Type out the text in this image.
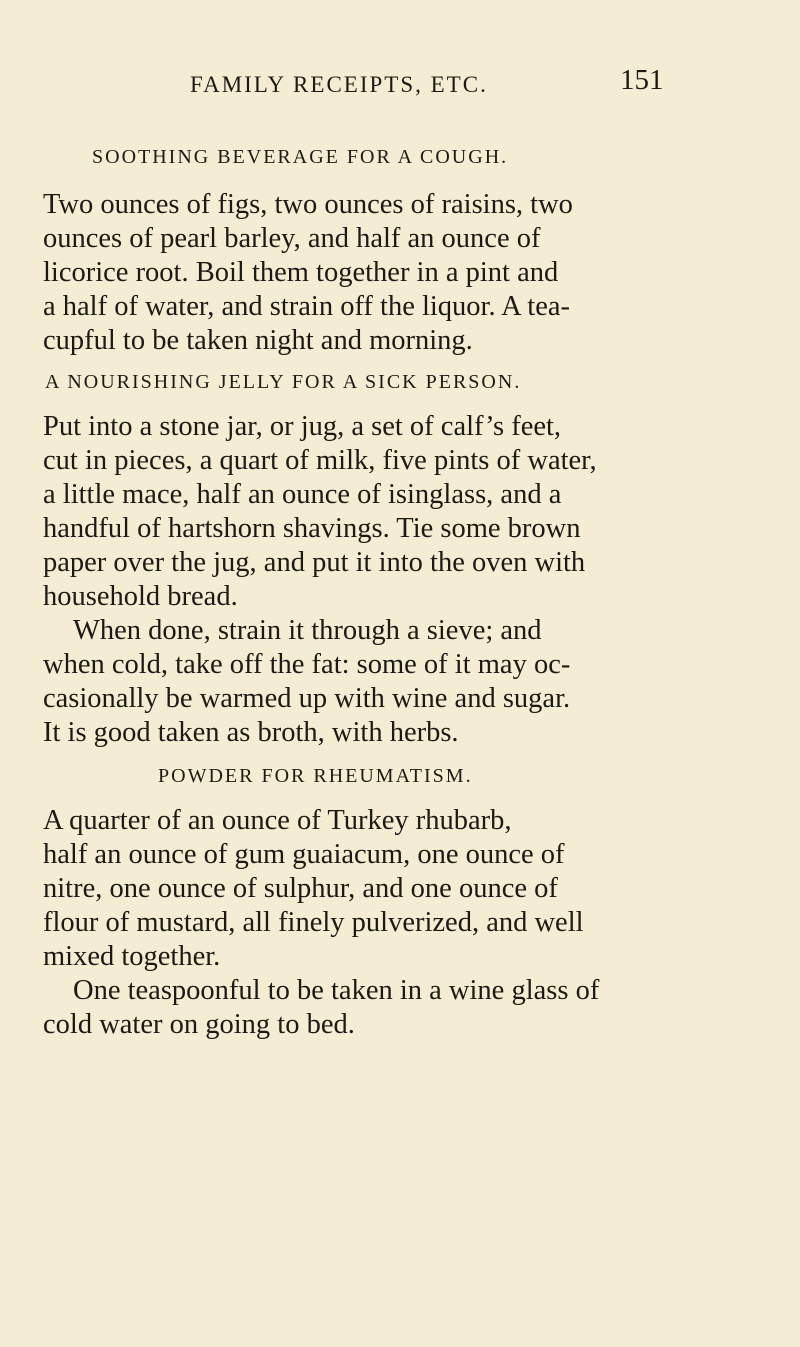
FAMILY RECEIPTS, ETC.	151
SOOTHING BEVERAGE FOR A COUGH.
Two ounces of figs, two ounces of raisins, two
ounces of pearl barley, and half an ounce of
licorice root. Boil them together in a pint and
a half of water, and strain off the liquor. A tea-
cupful to be taken night and morning.
A NOURISHING JELLY FOR A SICK PERSON.
Put into a stone jar, or jug, a set of calf’s feet,
cut in pieces, a quart of milk, five pints of water,
a little mace, half an ounce of isinglass, and a
handful of hartshorn shavings. Tie some brown
paper over the jug, and put it into the oven with
household bread.
When done, strain it through a sieve; and
when cold, take off the fat: some of it may oc-
casionally be warmed up with wine and sugar.
It is good taken as broth, with herbs.
POWDER FOR RHEUMATISM.
A quarter of an ounce of Turkey rhubarb,
half an ounce of gum guaiacum, one ounce of
nitre, one ounce of sulphur, and one ounce of
flour of mustard, all finely pulverized, and well
mixed together.
One teaspoonful to be taken in a wine glass of
cold water on going to bed.
